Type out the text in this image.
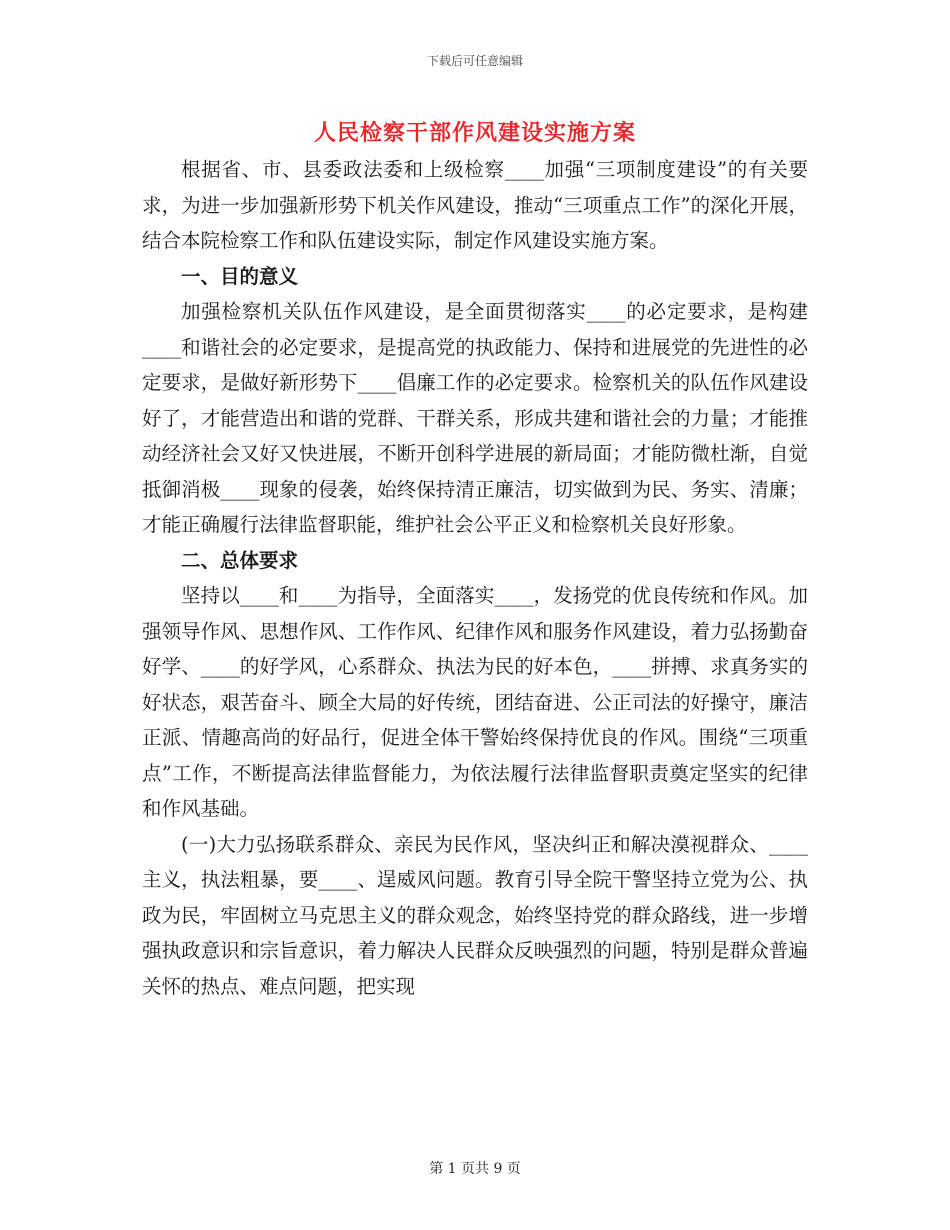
下载后可任意编辑
人民检察干部作风建设实施方案

根据省、市、县委政法委和上级检察____加强“三项制度建设”的有关要求，为进一步加强新形势下机关作风建设，推动“三项重点工作”的深化开展，结合本院检察工作和队伍建设实际，制定作风建设实施方案。

一、目的意义

加强检察机关队伍作风建设，是全面贯彻落实____的必定要求，是构建____和谐社会的必定要求，是提高党的执政能力、保持和进展党的先进性的必定要求，是做好新形势下____倡廉工作的必定要求。检察机关的队伍作风建设好了，才能营造出和谐的党群、干群关系，形成共建和谐社会的力量；才能推动经济社会又好又快进展，不断开创科学进展的新局面；才能防微杜渐，自觉抵御消极____现象的侵袭，始终保持清正廉洁，切实做到为民、务实、清廉；才能正确履行法律监督职能，维护社会公平正义和检察机关良好形象。

二、总体要求

坚持以____和____为指导，全面落实____，发扬党的优良传统和作风。加强领导作风、思想作风、工作作风、纪律作风和服务作风建设，着力弘扬勤奋好学、____的好学风，心系群众、执法为民的好本色，____拼搏、求真务实的好状态，艰苦奋斗、顾全大局的好传统，团结奋进、公正司法的好操守，廉洁正派、情趣高尚的好品行，促进全体干警始终保持优良的作风。围绕“三项重点”工作，不断提高法律监督能力，为依法履行法律监督职责奠定坚实的纪律和作风基础。

(一)大力弘扬联系群众、亲民为民作风，坚决纠正和解决漠视群众、____主义，执法粗暴，要____、逞威风问题。教育引导全院干警坚持立党为公、执政为民，牢固树立马克思主义的群众观念，始终坚持党的群众路线，进一步增强执政意识和宗旨意识，着力解决人民群众反映强烈的问题，特别是群众普遍关怀的热点、难点问题，把实现

第 1 页共 9 页
